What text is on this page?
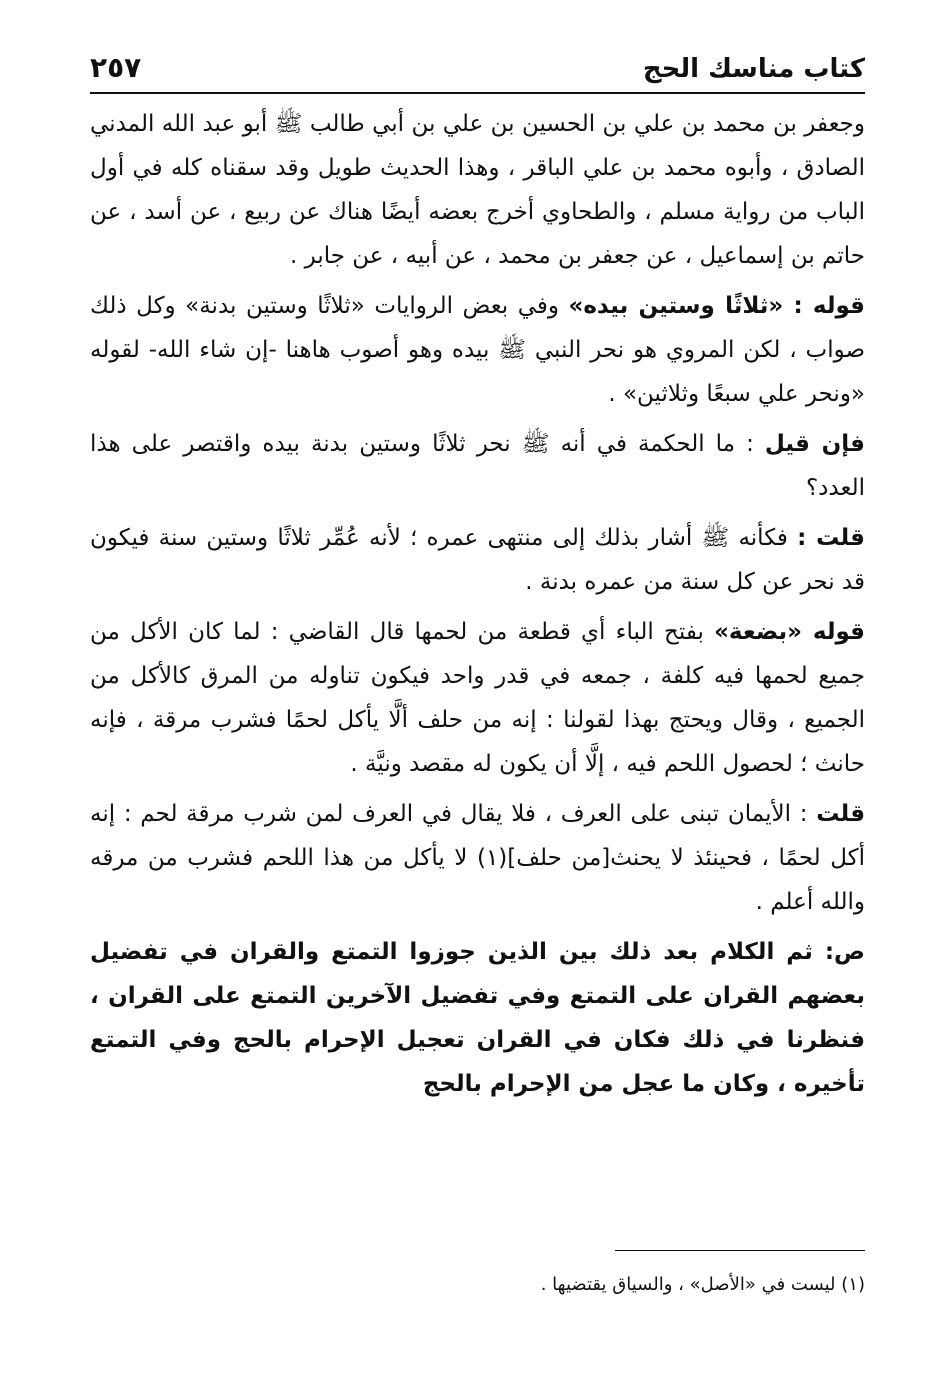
كتاب مناسك الحج
٢٥٧

وجعفر بن محمد بن علي بن الحسين بن علي بن أبي طالب ﷺ أبو عبد الله المدني الصادق ، وأبوه محمد بن علي الباقر ، وهذا الحديث طويل وقد سقناه كله في أول الباب من رواية مسلم ، والطحاوي أخرج بعضه أيضًا هناك عن ربيع ، عن أسد ، عن حاتم بن إسماعيل ، عن جعفر بن محمد ، عن أبيه ، عن جابر .

قوله : «ثلاثًا وستين بيده» وفي بعض الروايات «ثلاثًا وستين بدنة» وكل ذلك صواب ، لكن المروي هو نحر النبي ﷺ بيده وهو أصوب هاهنا -إن شاء الله- لقوله «ونحر علي سبعًا وثلاثين» .

فإن قيل : ما الحكمة في أنه ﷺ نحر ثلاثًا وستين بدنة بيده واقتصر على هذا العدد؟

قلت : فكأنه ﷺ أشار بذلك إلى منتهى عمره ؛ لأنه عُمِّر ثلاثًا وستين سنة فيكون قد نحر عن كل سنة من عمره بدنة .

قوله «بضعة» بفتح الباء أي قطعة من لحمها قال القاضي : لما كان الأكل من جميع لحمها فيه كلفة ، جمعه في قدر واحد فيكون تناوله من المرق كالأكل من الجميع ، وقال ويحتج بهذا لقولنا : إنه من حلف ألَّا يأكل لحمًا فشرب مرقة ، فإنه حانث ؛ لحصول اللحم فيه ، إلَّا أن يكون له مقصد ونيَّة .

قلت : الأيمان تبنى على العرف ، فلا يقال في العرف لمن شرب مرقة لحم : إنه أكل لحمًا ، فحينئذ لا يحنث[من حلف](١) لا يأكل من هذا اللحم فشرب من مرقه والله أعلم .

ص: ثم الكلام بعد ذلك بين الذين جوزوا التمتع والقران في تفضيل بعضهم القران على التمتع وفي تفضيل الآخرين التمتع على القران ، فنظرنا في ذلك فكان في القران تعجيل الإحرام بالحج وفي التمتع تأخيره ، وكان ما عجل من الإحرام بالحج

(١) ليست في «الأصل» ، والسياق يقتضيها .
